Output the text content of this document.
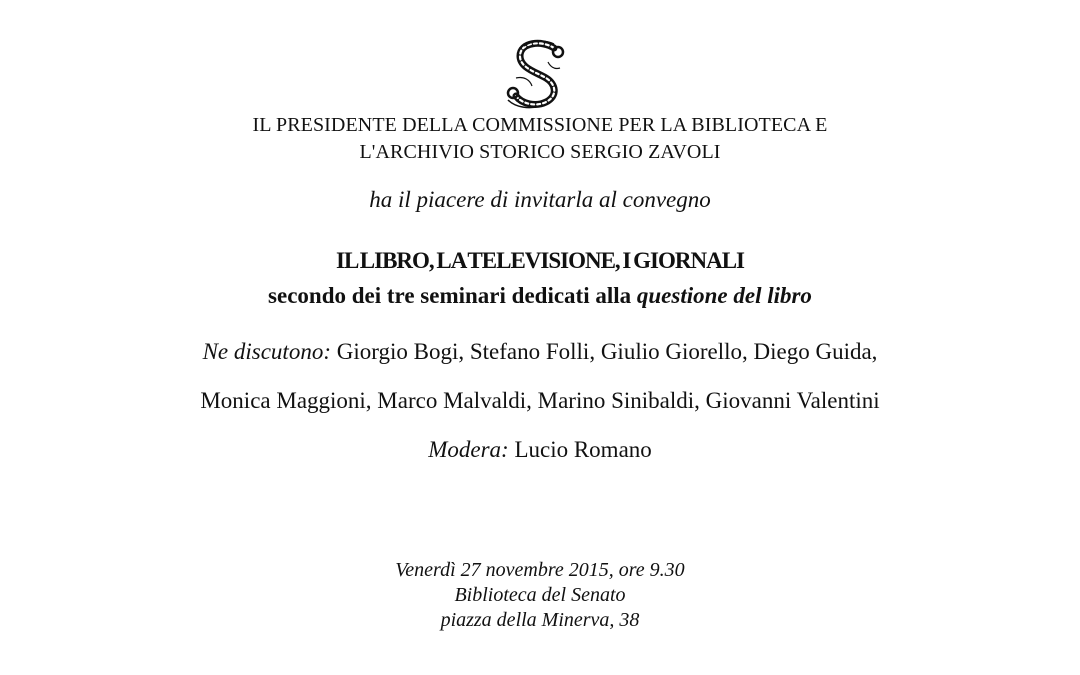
IL PRESIDENTE DELLA COMMISSIONE PER LA BIBLIOTECA E
L'ARCHIVIO STORICO SERGIO ZAVOLI
ha il piacere di invitarla al convegno
IL LIBRO, LA TELEVISIONE, I GIORNALI
secondo dei tre seminari dedicati alla questione del libro
Ne discutono: Giorgio Bogi, Stefano Folli, Giulio Giorello, Diego Guida,
Monica Maggioni, Marco Malvaldi, Marino Sinibaldi, Giovanni Valentini
Modera: Lucio Romano
Venerdì 27 novembre 2015, ore 9.30
Biblioteca del Senato
piazza della Minerva, 38
